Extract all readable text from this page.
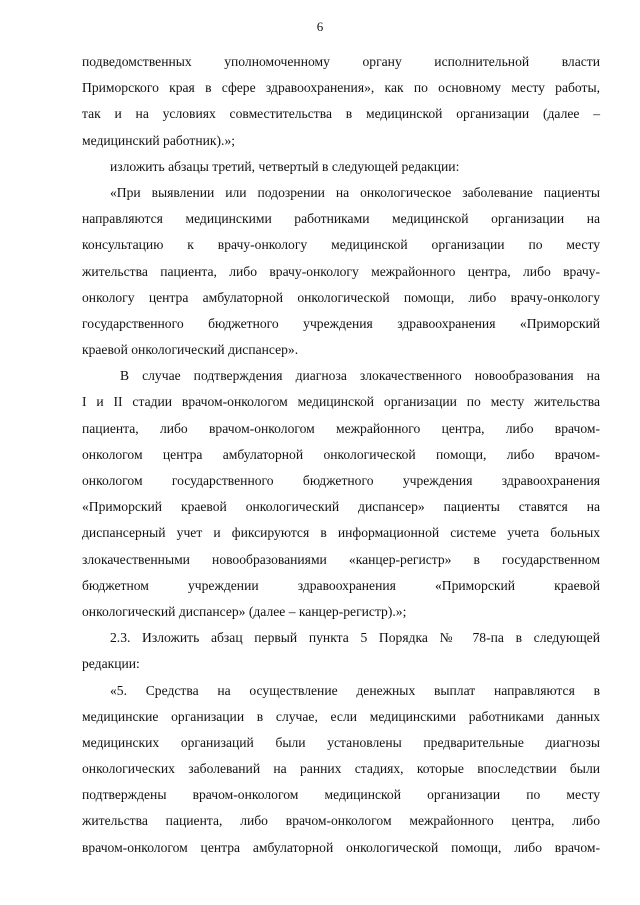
6
подведомственных уполномоченному органу исполнительной власти
Приморского края в сфере здравоохранения», как по основному месту работы,
так и на условиях совместительства в медицинской организации (далее –
медицинский работник).»;
изложить абзацы третий, четвертый в следующей редакции:
«При выявлении или подозрении на онкологическое заболевание пациенты
направляются медицинскими работниками медицинской организации на
консультацию к врачу-онкологу медицинской организации по месту
жительства пациента, либо врачу-онкологу межрайонного центра, либо врачу-
онкологу центра амбулаторной онкологической помощи, либо врачу-онкологу
государственного бюджетного учреждения здравоохранения «Приморский
краевой онкологический диспансер».
В случае подтверждения диагноза злокачественного новообразования на
I и II стадии врачом-онкологом медицинской организации по месту жительства
пациента, либо врачом-онкологом межрайонного центра, либо врачом-
онкологом центра амбулаторной онкологической помощи, либо врачом-
онкологом государственного бюджетного учреждения здравоохранения
«Приморский краевой онкологический диспансер» пациенты ставятся на
диспансерный учет и фиксируются в информационной системе учета больных
злокачественными новообразованиями «канцер-регистр» в государственном
бюджетном учреждении здравоохранения «Приморский краевой
онкологический диспансер» (далее – канцер-регистр).»;
2.3. Изложить абзац первый пункта 5 Порядка № 78-па в следующей
редакции:
«5. Средства на осуществление денежных выплат направляются в
медицинские организации в случае, если медицинскими работниками данных
медицинских организаций были установлены предварительные диагнозы
онкологических заболеваний на ранних стадиях, которые впоследствии были
подтверждены врачом-онкологом медицинской организации по месту
жительства пациента, либо врачом-онкологом межрайонного центра, либо
врачом-онкологом центра амбулаторной онкологической помощи, либо врачом-
